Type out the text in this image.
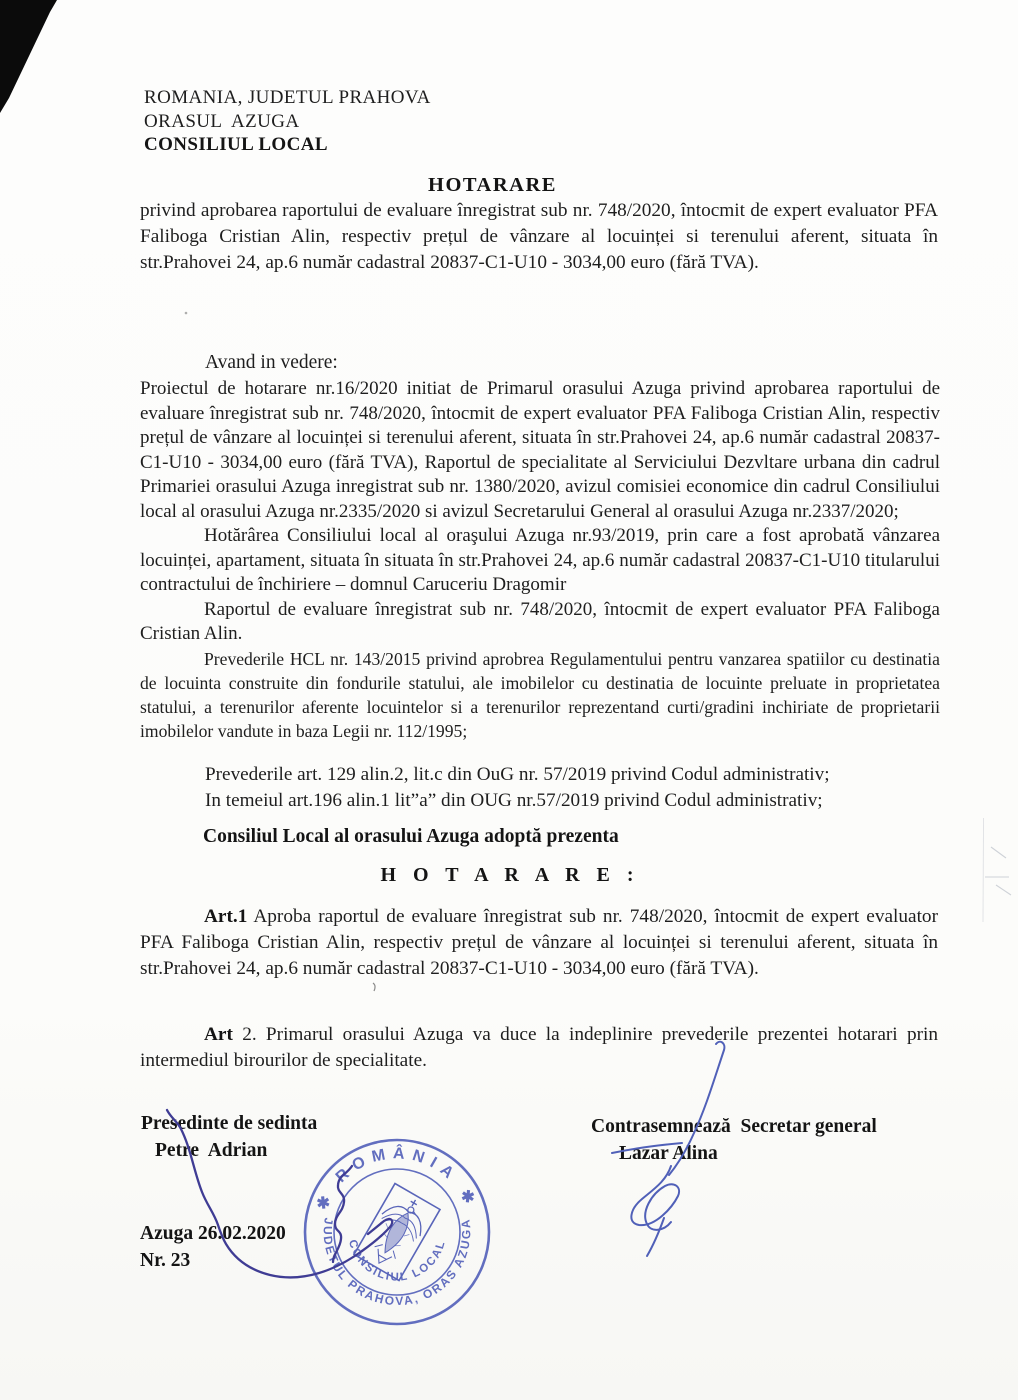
ROMANIA, JUDETUL PRAHOVA
ORASUL  AZUGA
CONSILIUL LOCAL
HOTARARE
privind aprobarea raportului de evaluare înregistrat sub nr. 748/2020, întocmit de expert evaluator PFA Faliboga Cristian Alin, respectiv prețul de vânzare al locuinței si terenului aferent, situata în str.Prahovei 24, ap.6 număr cadastral 20837-C1-U10 - 3034,00 euro (fără TVA).
Avand in vedere:

Proiectul de hotarare nr.16/2020 initiat de Primarul orasului Azuga privind aprobarea raportului de evaluare înregistrat sub nr. 748/2020, întocmit de expert evaluator PFA Faliboga Cristian Alin, respectiv prețul de vânzare al locuinței si terenului aferent, situata în str.Prahovei 24, ap.6 număr cadastral 20837-C1-U10 - 3034,00 euro (fără TVA), Raportul de specialitate al Serviciului Dezvltare urbana din cadrul Primariei orasului Azuga inregistrat sub nr. 1380/2020, avizul comisiei economice din cadrul Consiliului local al orasului Azuga nr.2335/2020 si avizul Secretarului General al orasului Azuga nr.2337/2020;

Hotărârea Consiliului local al oraşului Azuga nr.93/2019, prin care a fost aprobată vânzarea locuinței, apartament, situata în situata în str.Prahovei 24, ap.6 număr cadastral 20837-C1-U10 titularului contractului de închiriere – domnul Caruceriu Dragomir

Raportul de evaluare înregistrat sub nr. 748/2020, întocmit de expert evaluator PFA Faliboga Cristian Alin.

Prevederile HCL nr. 143/2015 privind aprobrea Regulamentului pentru vanzarea spatiilor cu destinatia de locuinta construite din fondurile statului, ale imobilelor cu destinatia de locuinte preluate in proprietatea statului, a terenurilor aferente locuintelor si a terenurilor reprezentand curti/gradini inchiriate de proprietarii imobilelor vandute in baza Legii nr. 112/1995;

Prevederile art. 129 alin.2, lit.c din OuG nr. 57/2019 privind Codul administrativ;
In temeiul art.196 alin.1 lit”a” din OUG nr.57/2019 privind Codul administrativ;
Consiliul Local al orasului Azuga adoptă prezenta
H O T A R A R E :
Art.1 Aproba raportul de evaluare înregistrat sub nr. 748/2020, întocmit de expert evaluator PFA Faliboga Cristian Alin, respectiv prețul de vânzare al locuinței si terenului aferent, situata în str.Prahovei 24, ap.6 număr cadastral 20837-C1-U10 - 3034,00 euro (fără TVA).
Art 2. Primarul orasului Azuga va duce la indeplinire prevederile prezentei hotarari prin intermediul birourilor de specialitate.
Presedinte de sedinta
Petre  Adrian
Contrasemnează  Secretar general
Lazar Alina
Azuga 26.02.2020
Nr. 23
✱ ROMÂNIA ✱
JUDETUL PRAHOVA, ORAS AZUGA
CONSILIUL LOCAL
